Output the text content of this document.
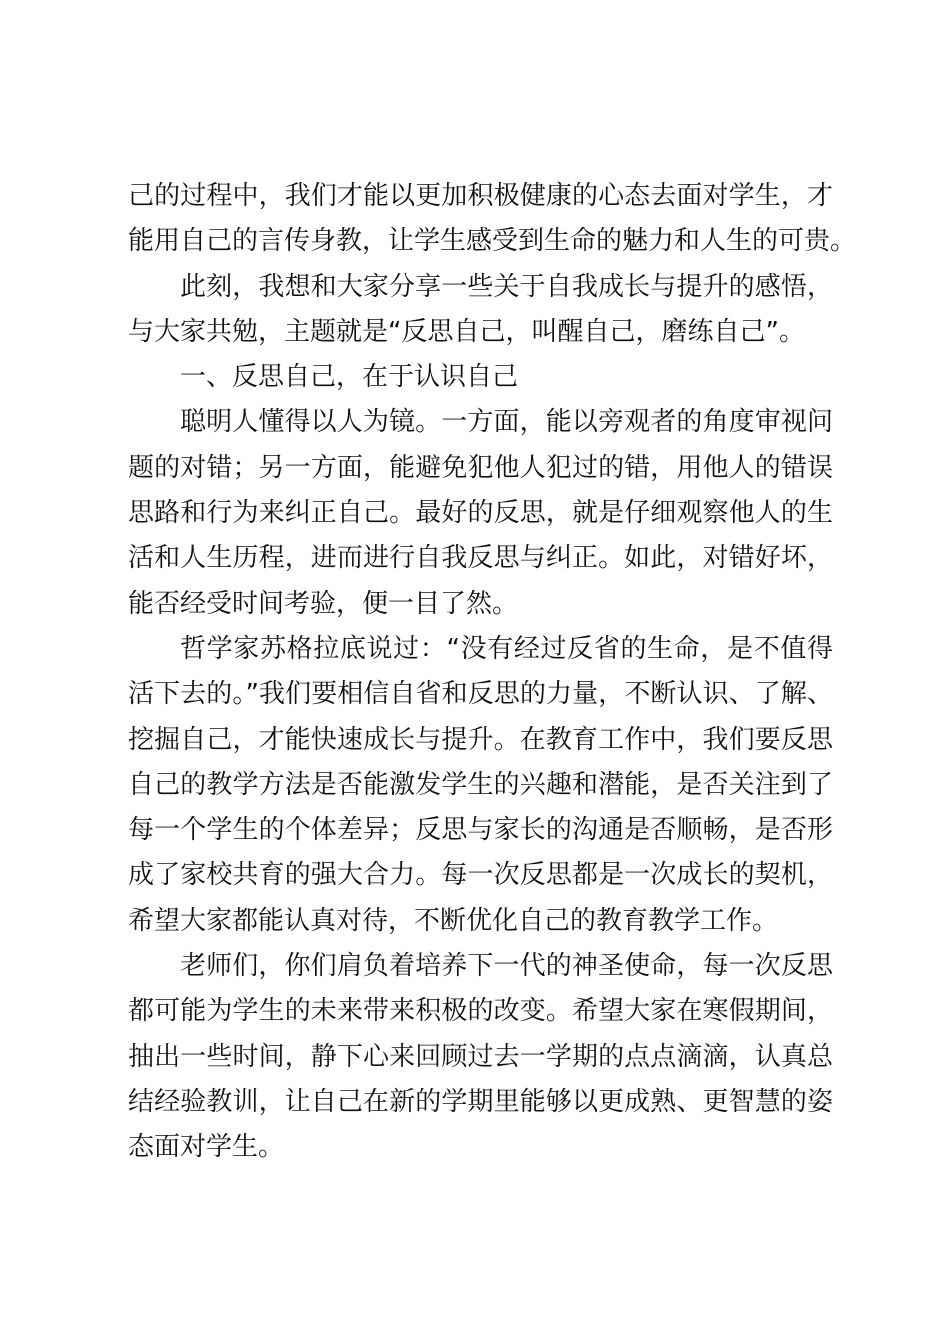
己的过程中，我们才能以更加积极健康的心态去面对学生，才
能用自己的言传身教，让学生感受到生命的魅力和人生的可贵。
此刻，我想和大家分享一些关于自我成长与提升的感悟，
与大家共勉，主题就是“反思自己，叫醒自己，磨练自己”。
一、反思自己，在于认识自己
聪明人懂得以人为镜。一方面，能以旁观者的角度审视问
题的对错；另一方面，能避免犯他人犯过的错，用他人的错误
思路和行为来纠正自己。最好的反思，就是仔细观察他人的生
活和人生历程，进而进行自我反思与纠正。如此，对错好坏，
能否经受时间考验，便一目了然。
哲学家苏格拉底说过：“没有经过反省的生命，是不值得
活下去的。”我们要相信自省和反思的力量，不断认识、了解、
挖掘自己，才能快速成长与提升。在教育工作中，我们要反思
自己的教学方法是否能激发学生的兴趣和潜能，是否关注到了
每一个学生的个体差异；反思与家长的沟通是否顺畅，是否形
成了家校共育的强大合力。每一次反思都是一次成长的契机，
希望大家都能认真对待，不断优化自己的教育教学工作。
老师们，你们肩负着培养下一代的神圣使命，每一次反思
都可能为学生的未来带来积极的改变。希望大家在寒假期间，
抽出一些时间，静下心来回顾过去一学期的点点滴滴，认真总
结经验教训，让自己在新的学期里能够以更成熟、更智慧的姿
态面对学生。
